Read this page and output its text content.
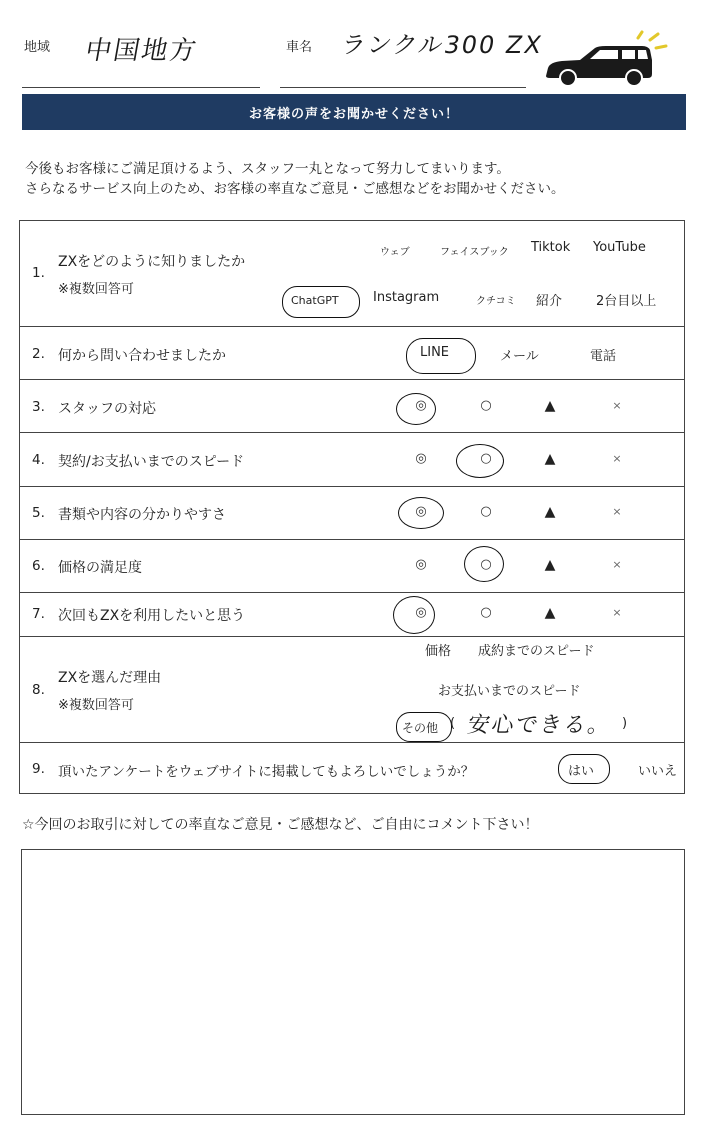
地域 中国地方	車名 ランクル300 ZX
お客様の声をお聞かせください！
今後もお客様にご満足頂けるよう、スタッフ一丸となって努力してまいります。
さらなるサービス向上のため、お客様の率直なご意見・ご感想などをお聞かせください。
1.
ZXをどのように知りましたか
※複数回答可
ウェブ	フェイスブック Tiktok YouTube
ChatGPT	Instagram	クチコミ 紹介	2台目以上
2. 何から問い合わせましたか	LINE	メール	電話
3. スタッフの対応	◎	○	▲	×
4. 契約/お支払いまでのスピード	◎	○	▲	×
5. 書類や内容の分かりやすさ	◎	○	▲	×
6. 価格の満足度	◎	○	▲	×
7. 次回もZXを利用したいと思う	◎	○	▲	×
8.
ZXを選んだ理由
※複数回答可
価格 成約までのスピード
お支払いまでのスピード
その他 ( 安心できる。 )
9. 頂いたアンケートをウェブサイトに掲載してもよろしいでしょうか？	はい	いいえ
☆今回のお取引に対しての率直なご意見・ご感想など、ご自由にコメント下さい！
